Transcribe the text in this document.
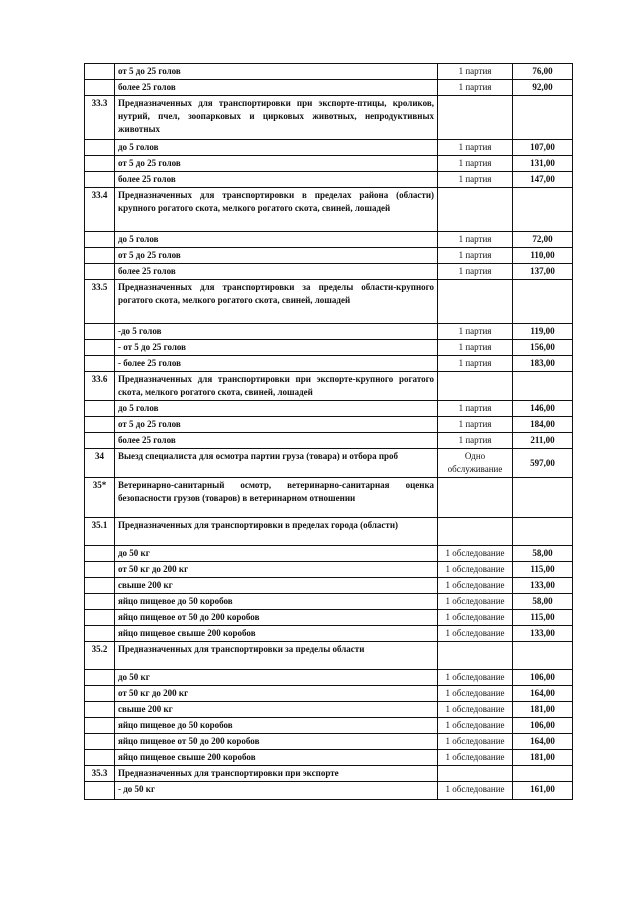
	от 5 до 25 голов	1 партия	76,00
	более 25 голов	1 партия	92,00
33.3	Предназначенных для транспортировки при экспорте-птицы, кроликов, нутрий, пчел, зоопарковых и цирковых животных, непродуктивных животных		
	до 5 голов	1 партия	107,00
	от 5 до 25 голов	1 партия	131,00
	более 25 голов	1 партия	147,00
33.4	Предназначенных для транспортировки в пределах района (области) крупного рогатого скота, мелкого рогатого скота, свиней, лошадей		
	до 5 голов	1 партия	72,00
	от 5 до 25 голов	1 партия	110,00
	более 25 голов	1 партия	137,00
33.5	Предназначенных для транспортировки за пределы области-крупного рогатого скота, мелкого рогатого скота, свиней, лошадей		
	-до 5 голов	1 партия	119,00
	- от 5 до 25 голов	1 партия	156,00
	- более 25 голов	1 партия	183,00
33.6	Предназначенных для транспортировки при экспорте-крупного рогатого скота, мелкого рогатого скота, свиней, лошадей		
	до 5 голов	1 партия	146,00
	от 5 до 25 голов	1 партия	184,00
	более 25 голов	1 партия	211,00
34	Выезд специалиста для осмотра партии груза (товара) и отбора проб	Одно обслуживание	597,00
35*	Ветеринарно-санитарный осмотр, ветеринарно-санитарная оценка безопасности грузов (товаров) в ветеринарном отношении		
35.1	Предназначенных для транспортировки в пределах города (области)		
	до 50 кг	1 обследование	58,00
	от 50 кг до 200 кг	1 обследование	115,00
	свыше 200 кг	1 обследование	133,00
	яйцо пищевое до 50 коробов	1 обследование	58,00
	яйцо пищевое от 50 до 200 коробов	1 обследование	115,00
	яйцо пищевое свыше 200 коробов	1 обследование	133,00
35.2	Предназначенных для транспортировки за пределы области		
	до 50 кг	1 обследование	106,00
	от 50 кг до 200 кг	1 обследование	164,00
	свыше 200 кг	1 обследование	181,00
	яйцо пищевое до 50 коробов	1 обследование	106,00
	яйцо пищевое от 50 до 200 коробов	1 обследование	164,00
	яйцо пищевое свыше 200 коробов	1 обследование	181,00
35.3	Предназначенных для транспортировки при экспорте		
	- до 50 кг	1 обследование	161,00
